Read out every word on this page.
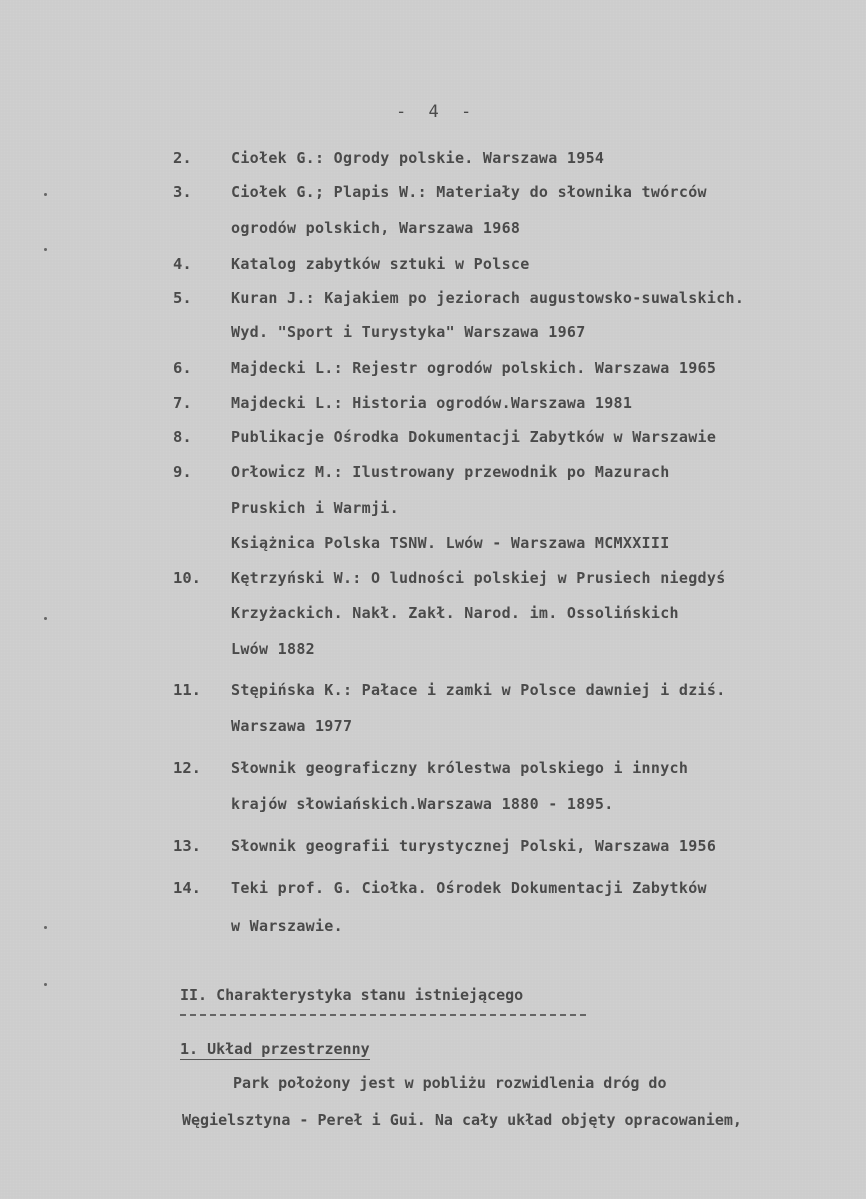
- 4 -
2.	Ciołek G.: Ogrody polskie. Warszawa 1954
3.	Ciołek G.; Plapis W.: Materiały do słownika twórców
ogrodów polskich, Warszawa 1968
4.	Katalog zabytków sztuki w Polsce
5.	Kuran J.: Kajakiem po jeziorach augustowsko-suwalskich.
Wyd. "Sport i Turystyka" Warszawa 1967
6.	Majdecki L.: Rejestr ogrodów polskich. Warszawa 1965
7.	Majdecki L.: Historia ogrodów.Warszawa 1981
8.	Publikacje Ośrodka Dokumentacji Zabytków w Warszawie
9.	Orłowicz M.: Ilustrowany przewodnik po Mazurach
Pruskich i Warmji.
Książnica Polska TSNW. Lwów - Warszawa MCMXXIII
10. Kętrzyński W.: O ludności polskiej w Prusiech niegdyś
Krzyżackich. Nakł. Zakł. Narod. im. Ossolińskich
Lwów 1882
11. Stępińska K.: Pałace i zamki w Polsce dawniej i dziś.
Warszawa 1977
12. Słownik geograficzny królestwa polskiego i innych
krajów słowiańskich.Warszawa 1880 - 1895.
13. Słownik geografii turystycznej Polski, Warszawa 1956
14. Teki prof. G. Ciołka. Ośrodek Dokumentacji Zabytków
w Warszawie.
II. Charakterystyka stanu istniejącego
1. Układ przestrzenny
Park położony jest w pobliżu rozwidlenia dróg do
Węgielsztyna - Pereł i Gui. Na cały układ objęty opracowaniem,
